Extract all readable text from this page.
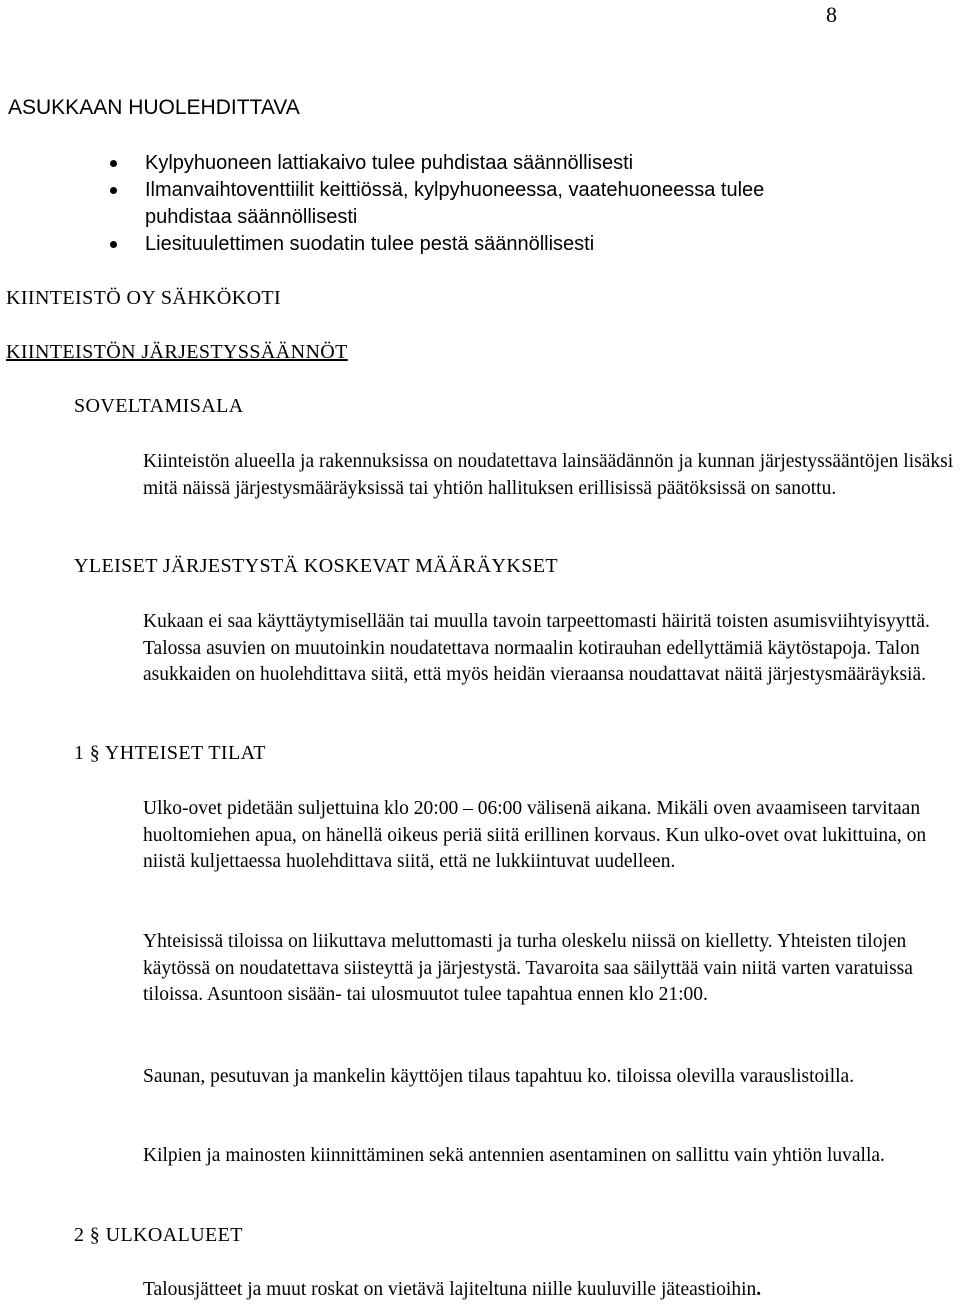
8
ASUKKAAN HUOLEHDITTAVA
Kylpyhuoneen lattiakaivo tulee puhdistaa säännöllisesti
Ilmanvaihtoventtiilit keittiössä, kylpyhuoneessa, vaatehuoneessa tulee puhdistaa säännöllisesti
Liesituulettimen suodatin tulee pestä säännöllisesti
KIINTEISTÖ OY SÄHKÖKOTI
KIINTEISTÖN JÄRJESTYSSÄÄNNÖT
SOVELTAMISALA

Kiinteistön alueella ja rakennuksissa on noudatettava lainsäädännön ja kunnan järjestyssääntöjen lisäksi mitä näissä järjestysmääräyksissä tai yhtiön hallituksen erillisissä päätöksissä on sanottu.

YLEISET JÄRJESTYSTÄ KOSKEVAT MÄÄRÄYKSET

Kukaan ei saa käyttäytymisellään tai muulla tavoin tarpeettomasti häiritä toisten asumisviihtyisyyttä. Talossa asuvien on muutoinkin noudatettava normaalin kotirauhan edellyttämiä käytöstapoja. Talon asukkaiden on huolehdittava siitä, että myös heidän vieraansa noudattavat näitä järjestysmääräyksiä.

1 § YHTEISET TILAT

Ulko-ovet pidetään suljettuina klo 20:00 – 06:00 välisenä aikana. Mikäli oven avaamiseen tarvitaan huoltomiehen apua, on hänellä oikeus periä siitä erillinen korvaus. Kun ulko-ovet ovat lukittuina, on niistä kuljettaessa huolehdittava siitä, että ne lukkiintuvat uudelleen.

Yhteisissä tiloissa on liikuttava meluttomasti ja turha oleskelu niissä on kielletty. Yhteisten tilojen käytössä on noudatettava siisteyttä ja järjestystä. Tavaroita saa säilyttää vain niitä varten varatuissa tiloissa. Asuntoon sisään- tai ulosmuutot tulee tapahtua ennen klo 21:00.

Saunan, pesutuvan ja mankelin käyttöjen tilaus tapahtuu ko. tiloissa olevilla varauslistoilla.

Kilpien ja mainosten kiinnittäminen sekä antennien asentaminen on sallittu vain yhtiön luvalla.

2 § ULKOALUEET

Talousjätteet ja muut roskat on vietävä lajiteltuna niille kuuluville jäteastioihin.
